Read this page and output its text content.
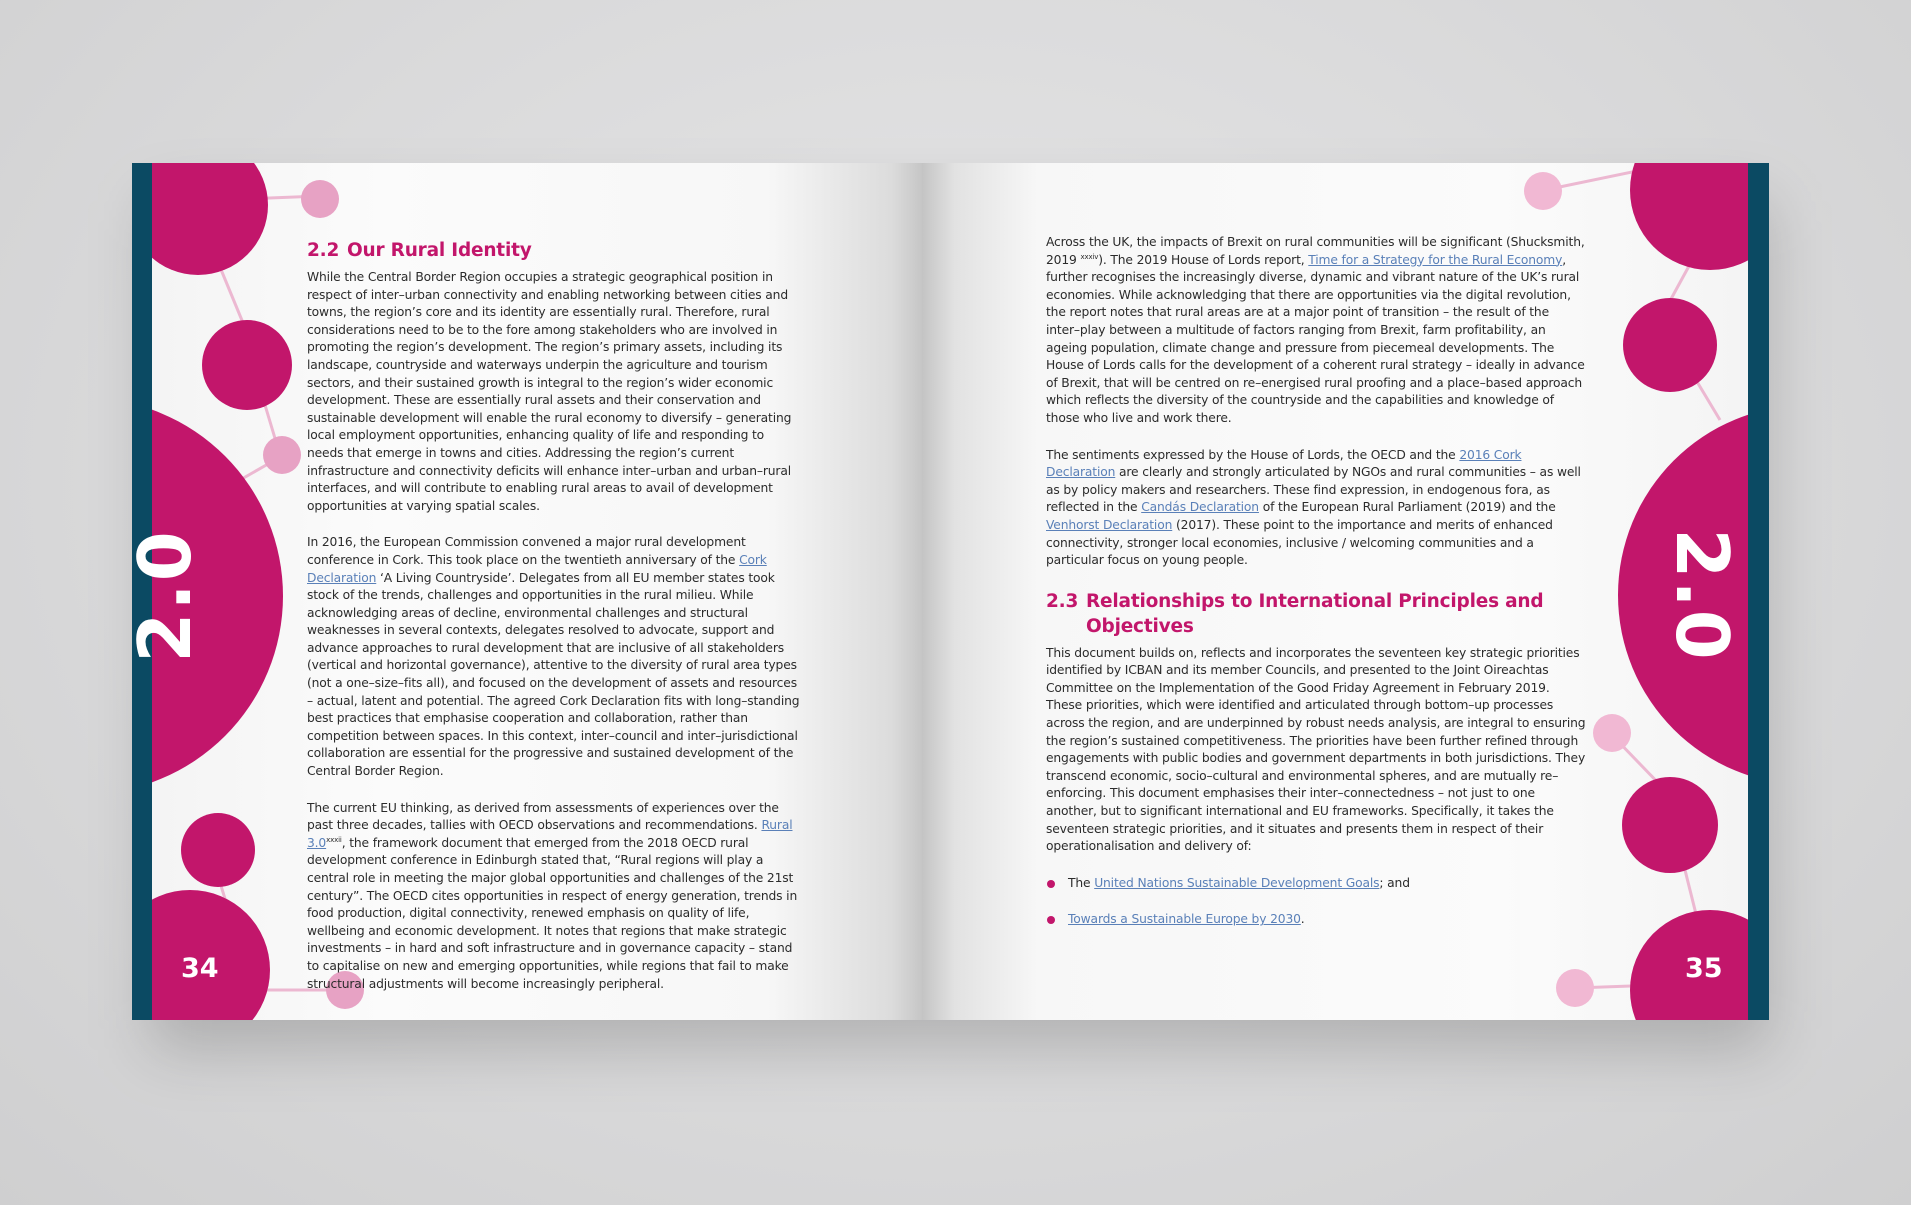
2.0	2.0
34	35
2.2 Our Rural Identity

While the Central Border Region occupies a strategic geographical position in respect of inter–urban connectivity and enabling networking between cities and towns, the region’s core and its identity are essentially rural. Therefore, rural considerations need to be to the fore among stakeholders who are involved in promoting the region’s development. The region’s primary assets, including its landscape, countryside and waterways underpin the agriculture and tourism sectors, and their sustained growth is integral to the region’s wider economic development. These are essentially rural assets and their conservation and sustainable development will enable the rural economy to diversify – generating local employment opportunities, enhancing quality of life and responding to needs that emerge in towns and cities. Addressing the region’s current infrastructure and connectivity deficits will enhance inter–urban and urban–rural interfaces, and will contribute to enabling rural areas to avail of development opportunities at varying spatial scales.

In 2016, the European Commission convened a major rural development conference in Cork. This took place on the twentieth anniversary of the Cork Declaration ‘A Living Countryside’. Delegates from all EU member states took stock of the trends, challenges and opportunities in the rural milieu. While acknowledging areas of decline, environmental challenges and structural weaknesses in several contexts, delegates resolved to advocate, support and advance approaches to rural development that are inclusive of all stakeholders (vertical and horizontal governance), attentive to the diversity of rural area types (not a one–size–fits all), and focused on the development of assets and resources – actual, latent and potential. The agreed Cork Declaration fits with long–standing best practices that emphasise cooperation and collaboration, rather than competition between spaces. In this context, inter–council and inter–jurisdictional collaboration are essential for the progressive and sustained development of the Central Border Region.

The current EU thinking, as derived from assessments of experiences over the past three decades, tallies with OECD observations and recommendations. Rural $3.0^{xxxii}$, the framework document that emerged from the 2018 OECD rural development conference in Edinburgh stated that, “Rural regions will play a central role in meeting the major global opportunities and challenges of the 21st century”. The OECD cites opportunities in respect of energy generation, trends in food production, digital connectivity, renewed emphasis on quality of life, wellbeing and economic development. It notes that regions that make strategic investments – in hard and soft infrastructure and in governance capacity – stand to capitalise on new and emerging opportunities, while regions that fail to make structural adjustments will become increasingly peripheral.

Across the UK, the impacts of Brexit on rural communities will be significant (Shucksmith, 2019 $^{xxxiv}$). The 2019 House of Lords report, Time for a Strategy for the Rural Economy, further recognises the increasingly diverse, dynamic and vibrant nature of the UK’s rural economies. While acknowledging that there are opportunities via the digital revolution, the report notes that rural areas are at a major point of transition – the result of the inter–play between a multitude of factors ranging from Brexit, farm profitability, an ageing population, climate change and pressure from piecemeal developments. The House of Lords calls for the development of a coherent rural strategy – ideally in advance of Brexit, that will be centred on re–energised rural proofing and a place–based approach which reflects the diversity of the countryside and the capabilities and knowledge of those who live and work there.

The sentiments expressed by the House of Lords, the OECD and the 2016 Cork Declaration are clearly and strongly articulated by NGOs and rural communities – as well as by policy makers and researchers. These find expression, in endogenous fora, as reflected in the Candás Declaration of the European Rural Parliament (2019) and the Venhorst Declaration (2017). These point to the importance and merits of enhanced connectivity, stronger local economies, inclusive / welcoming communities and a particular focus on young people.

2.3 Relationships to International Principles and Objectives

This document builds on, reflects and incorporates the seventeen key strategic priorities identified by ICBAN and its member Councils, and presented to the Joint Oireachtas Committee on the Implementation of the Good Friday Agreement in February 2019. These priorities, which were identified and articulated through bottom–up processes across the region, and are underpinned by robust needs analysis, are integral to ensuring the region’s sustained competitiveness. The priorities have been further refined through engagements with public bodies and government departments in both jurisdictions. They transcend economic, socio–cultural and environmental spheres, and are mutually re–enforcing. This document emphasises their inter–connectedness – not just to one another, but to significant international and EU frameworks. Specifically, it takes the seventeen strategic priorities, and it situates and presents them in respect of their operationalisation and delivery of:

The United Nations Sustainable Development Goals; and
Towards a Sustainable Europe by 2030.
